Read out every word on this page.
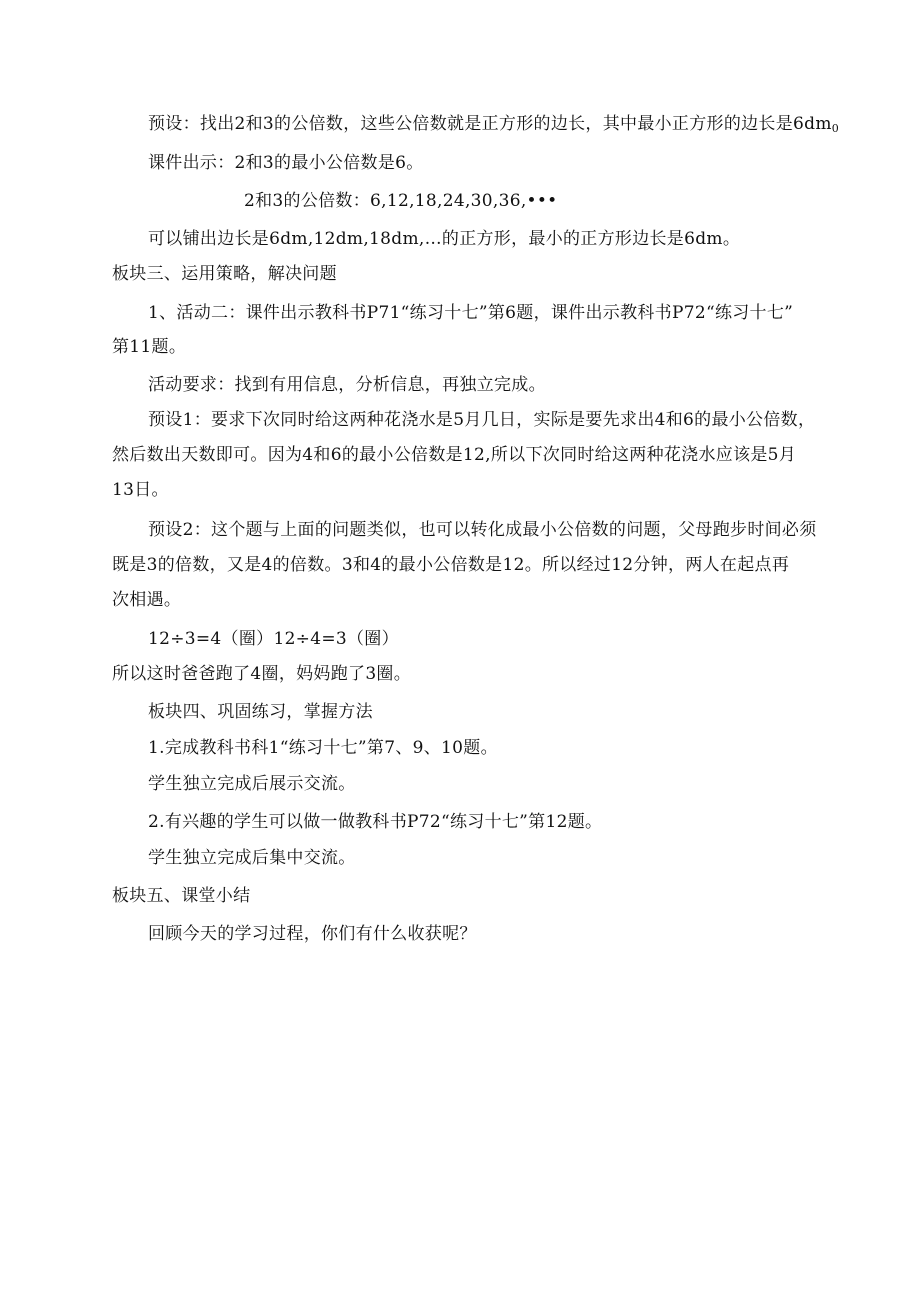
预设：找出2和3的公倍数，这些公倍数就是正方形的边长，其中最小正方形的边长是$6dm_0$
课件出示：2和3的最小公倍数是6。
2和3的公倍数：6,12,18,24,30,36,•••
可以铺出边长是6dm,12dm,18dm,…的正方形，最小的正方形边长是6dm。
板块三、运用策略，解决问题
1、活动二：课件出示教科书P71“练习十七”第6题，课件出示教科书P72“练习十七”
第11题。
活动要求：找到有用信息，分析信息，再独立完成。
预设1：要求下次同时给这两种花浇水是5月几日，实际是要先求出4和6的最小公倍数，
然后数出天数即可。因为4和6的最小公倍数是12,所以下次同时给这两种花浇水应该是5月
13日。
预设2：这个题与上面的问题类似，也可以转化成最小公倍数的问题，父母跑步时间必须
既是3的倍数，又是4的倍数。3和4的最小公倍数是12。所以经过12分钟，两人在起点再
次相遇。
12÷3=4（圈）12÷4=3（圈）
所以这时爸爸跑了4圈，妈妈跑了3圈。
板块四、巩固练习，掌握方法
1.完成教科书科1“练习十七”第7、9、10题。
学生独立完成后展示交流。
2.有兴趣的学生可以做一做教科书P72“练习十七”第12题。
学生独立完成后集中交流。
板块五、课堂小结
回顾今天的学习过程，你们有什么收获呢？
